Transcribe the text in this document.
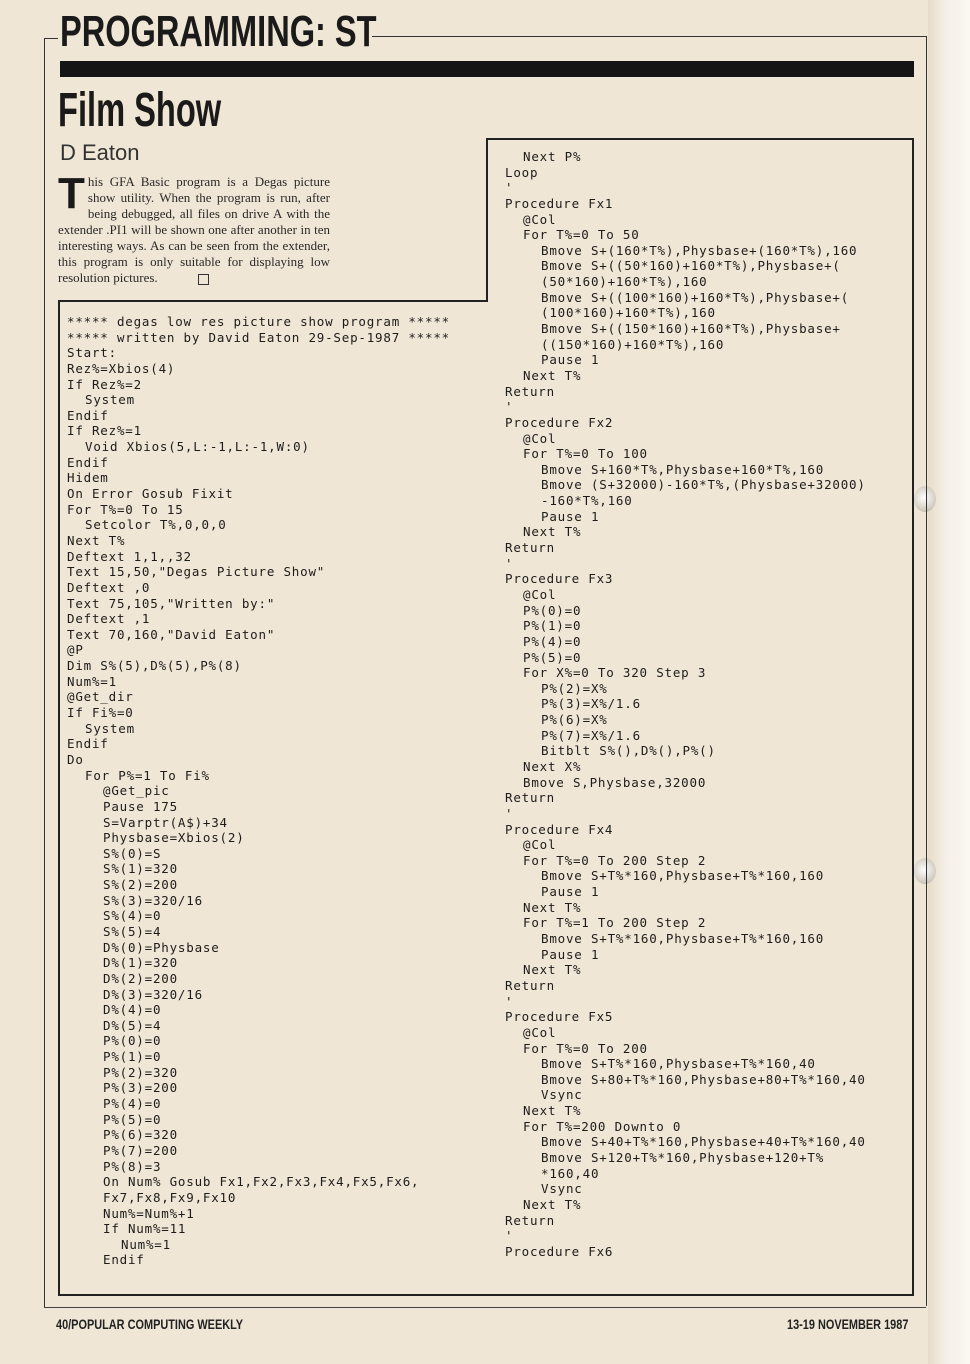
PROGRAMMING: ST
Film Show
D Eaton

This GFA Basic program is a Degas picture show utility. When the program is run, after being debugged, all files on drive A with the extender .PI1 will be shown one after another in ten interesting ways. As can be seen from the extender, this program is only suitable for displaying low resolution pictures.

***** degas low res picture show program *****
***** written by David Eaton 29-Sep-1987 *****
Start:
Rez%=Xbios(4)
If Rez%=2
System
Endif
If Rez%=1
Void Xbios(5,L:-1,L:-1,W:0)
Endif
Hidem
On Error Gosub Fixit
For T%=0 To 15
Setcolor T%,0,0,0
Next T%
Deftext 1,1,,32
Text 15,50,"Degas Picture Show"
Deftext ,0
Text 75,105,"Written by:"
Deftext ,1
Text 70,160,"David Eaton"
@P
Dim S%(5),D%(5),P%(8)
Num%=1
@Get_dir
If Fi%=0
System
Endif
Do
For P%=1 To Fi%
@Get_pic
Pause 175
S=Varptr(A$)+34
Physbase=Xbios(2)
S%(0)=S
S%(1)=320
S%(2)=200
S%(3)=320/16
S%(4)=0
S%(5)=4
D%(0)=Physbase
D%(1)=320
D%(2)=200
D%(3)=320/16
D%(4)=0
D%(5)=4
P%(0)=0
P%(1)=0
P%(2)=320
P%(3)=200
P%(4)=0
P%(5)=0
P%(6)=320
P%(7)=200
P%(8)=3
On Num% Gosub Fx1,Fx2,Fx3,Fx4,Fx5,Fx6,
Fx7,Fx8,Fx9,Fx10
Num%=Num%+1
If Num%=11
Num%=1
Endif
Next P%
Loop
'
Procedure Fx1
@Col
For T%=0 To 50
Bmove S+(160*T%),Physbase+(160*T%),160
Bmove S+((50*160)+160*T%),Physbase+(
(50*160)+160*T%),160
Bmove S+((100*160)+160*T%),Physbase+(
(100*160)+160*T%),160
Bmove S+((150*160)+160*T%),Physbase+
((150*160)+160*T%),160
Pause 1
Next T%
Return
'
Procedure Fx2
@Col
For T%=0 To 100
Bmove S+160*T%,Physbase+160*T%,160
Bmove (S+32000)-160*T%,(Physbase+32000)
-160*T%,160
Pause 1
Next T%
Return
'
Procedure Fx3
@Col
P%(0)=0
P%(1)=0
P%(4)=0
P%(5)=0
For X%=0 To 320 Step 3
P%(2)=X%
P%(3)=X%/1.6
P%(6)=X%
P%(7)=X%/1.6
Bitblt S%(),D%(),P%()
Next X%
Bmove S,Physbase,32000
Return
'
Procedure Fx4
@Col
For T%=0 To 200 Step 2
Bmove S+T%*160,Physbase+T%*160,160
Pause 1
Next T%
For T%=1 To 200 Step 2
Bmove S+T%*160,Physbase+T%*160,160
Pause 1
Next T%
Return
'
Procedure Fx5
@Col
For T%=0 To 200
Bmove S+T%*160,Physbase+T%*160,40
Bmove S+80+T%*160,Physbase+80+T%*160,40
Vsync
Next T%
For T%=200 Downto 0
Bmove S+40+T%*160,Physbase+40+T%*160,40
Bmove S+120+T%*160,Physbase+120+T%
*160,40
Vsync
Next T%
Return
'
Procedure Fx6
40/POPULAR COMPUTING WEEKLY	13-19 NOVEMBER 1987
